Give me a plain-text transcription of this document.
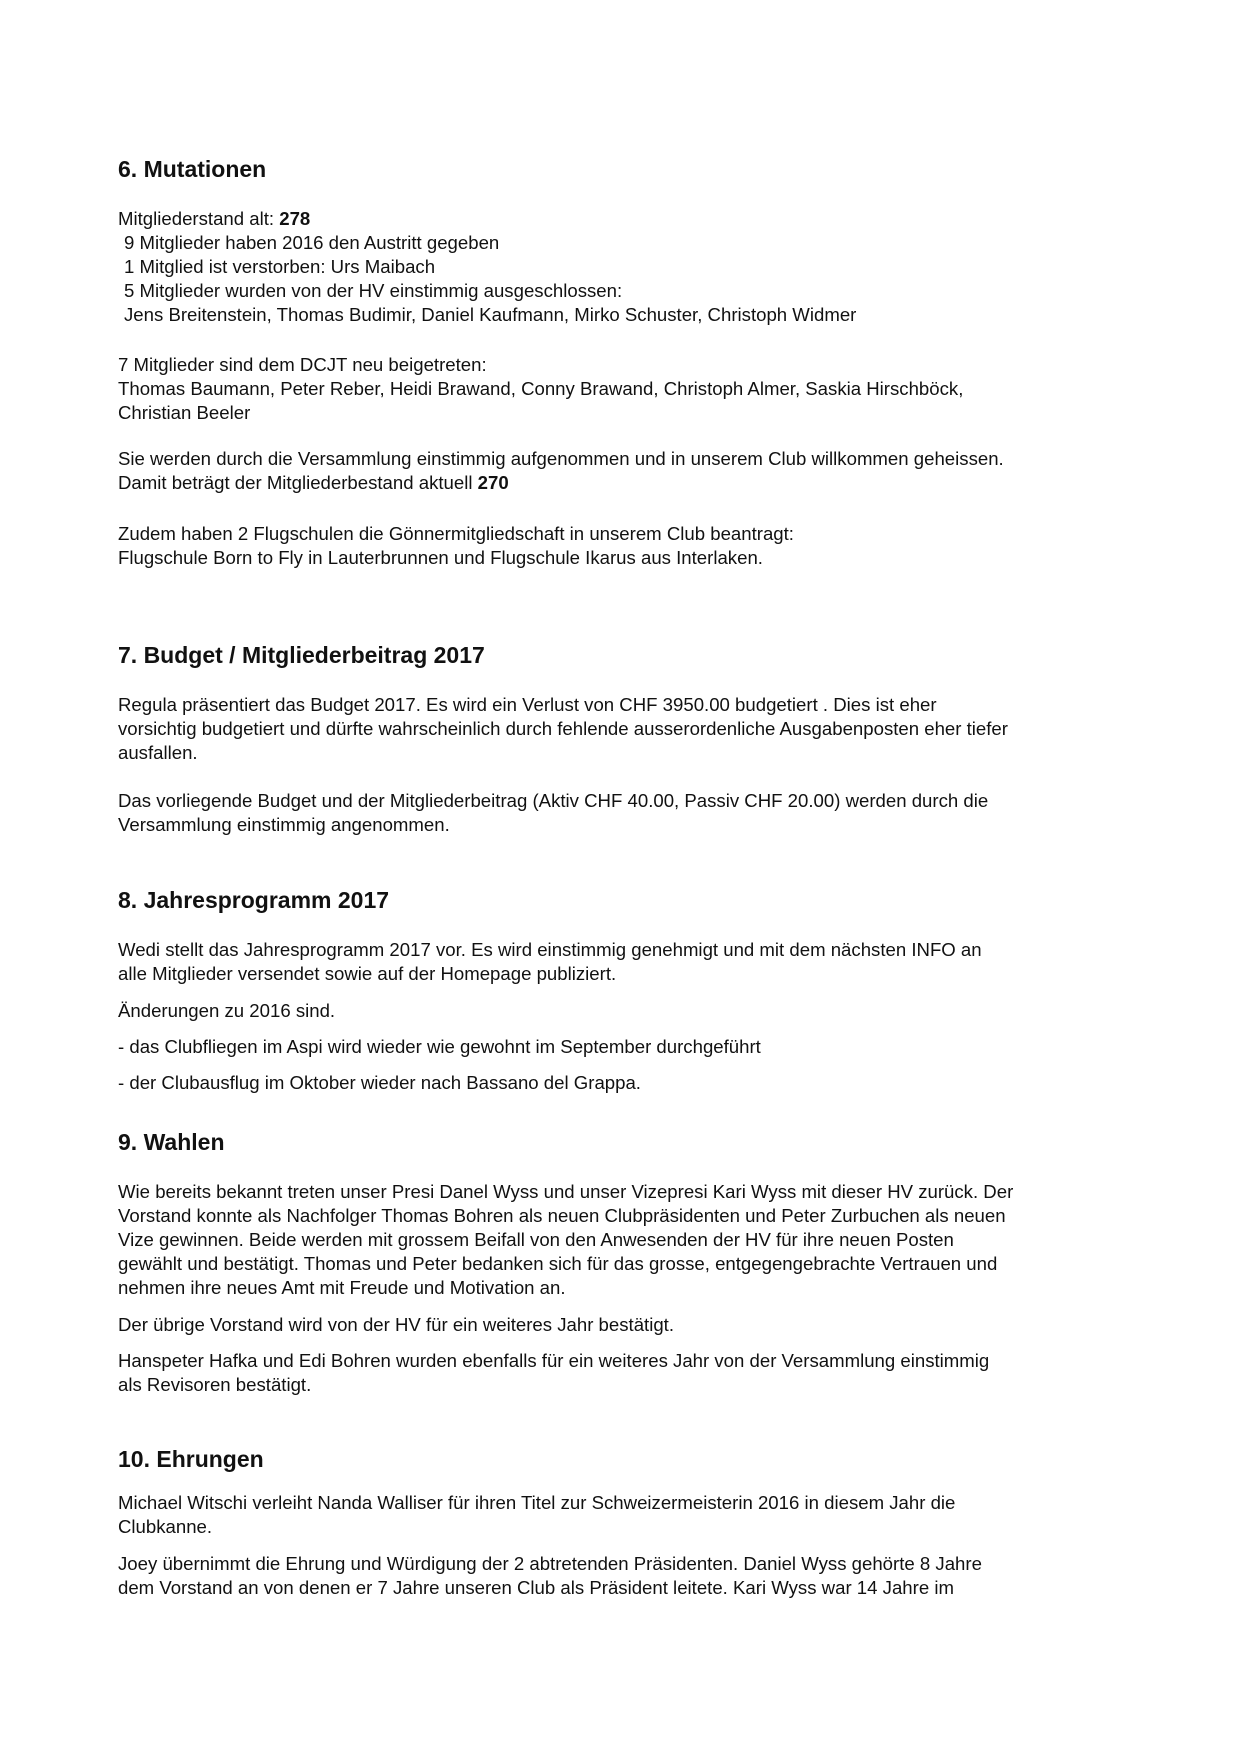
6. Mutationen
Mitgliederstand alt: 278
9 Mitglieder haben 2016 den Austritt gegeben
1 Mitglied ist verstorben: Urs Maibach
5 Mitglieder wurden von der HV einstimmig ausgeschlossen:
Jens Breitenstein, Thomas Budimir, Daniel Kaufmann, Mirko Schuster, Christoph Widmer
7 Mitglieder sind dem DCJT neu beigetreten:
Thomas Baumann, Peter Reber, Heidi Brawand, Conny Brawand, Christoph Almer, Saskia Hirschböck,
Christian Beeler
Sie werden durch die Versammlung einstimmig aufgenommen und in unserem Club willkommen geheissen.
Damit beträgt der Mitgliederbestand aktuell 270
Zudem haben 2 Flugschulen die Gönnermitgliedschaft in unserem Club beantragt:
Flugschule Born to Fly in Lauterbrunnen und Flugschule Ikarus aus Interlaken.
7. Budget / Mitgliederbeitrag 2017
Regula präsentiert das Budget 2017. Es wird ein Verlust von CHF 3950.00 budgetiert . Dies ist eher
vorsichtig budgetiert und dürfte wahrscheinlich durch fehlende ausserordenliche Ausgabenposten eher tiefer
ausfallen.
Das vorliegende Budget und der Mitgliederbeitrag (Aktiv CHF 40.00, Passiv CHF 20.00) werden durch die
Versammlung einstimmig angenommen.
8. Jahresprogramm 2017
Wedi stellt das Jahresprogramm 2017 vor. Es wird einstimmig genehmigt und mit dem nächsten INFO an
alle Mitglieder versendet sowie auf der Homepage publiziert.
Änderungen zu 2016 sind.
- das Clubfliegen im Aspi wird wieder wie gewohnt im September durchgeführt
- der Clubausflug im Oktober wieder nach Bassano del Grappa.
9. Wahlen
Wie bereits bekannt treten unser Presi Danel Wyss und unser Vizepresi Kari Wyss mit dieser HV zurück. Der
Vorstand konnte als Nachfolger Thomas Bohren als neuen Clubpräsidenten und Peter Zurbuchen als neuen
Vize gewinnen. Beide werden mit grossem Beifall von den Anwesenden der HV für ihre neuen Posten
gewählt und bestätigt. Thomas und Peter bedanken sich für das grosse, entgegengebrachte Vertrauen und
nehmen ihre neues Amt mit Freude und Motivation an.
Der übrige Vorstand wird von der HV für ein weiteres Jahr bestätigt.
Hanspeter Hafka und Edi Bohren wurden ebenfalls für ein weiteres Jahr von der Versammlung einstimmig
als Revisoren bestätigt.
10. Ehrungen
Michael Witschi verleiht Nanda Walliser für ihren Titel zur Schweizermeisterin 2016 in diesem Jahr die
Clubkanne.
Joey übernimmt die Ehrung und Würdigung der 2 abtretenden Präsidenten. Daniel Wyss gehörte 8 Jahre
dem Vorstand an von denen er 7 Jahre unseren Club als Präsident leitete. Kari Wyss war 14 Jahre im
